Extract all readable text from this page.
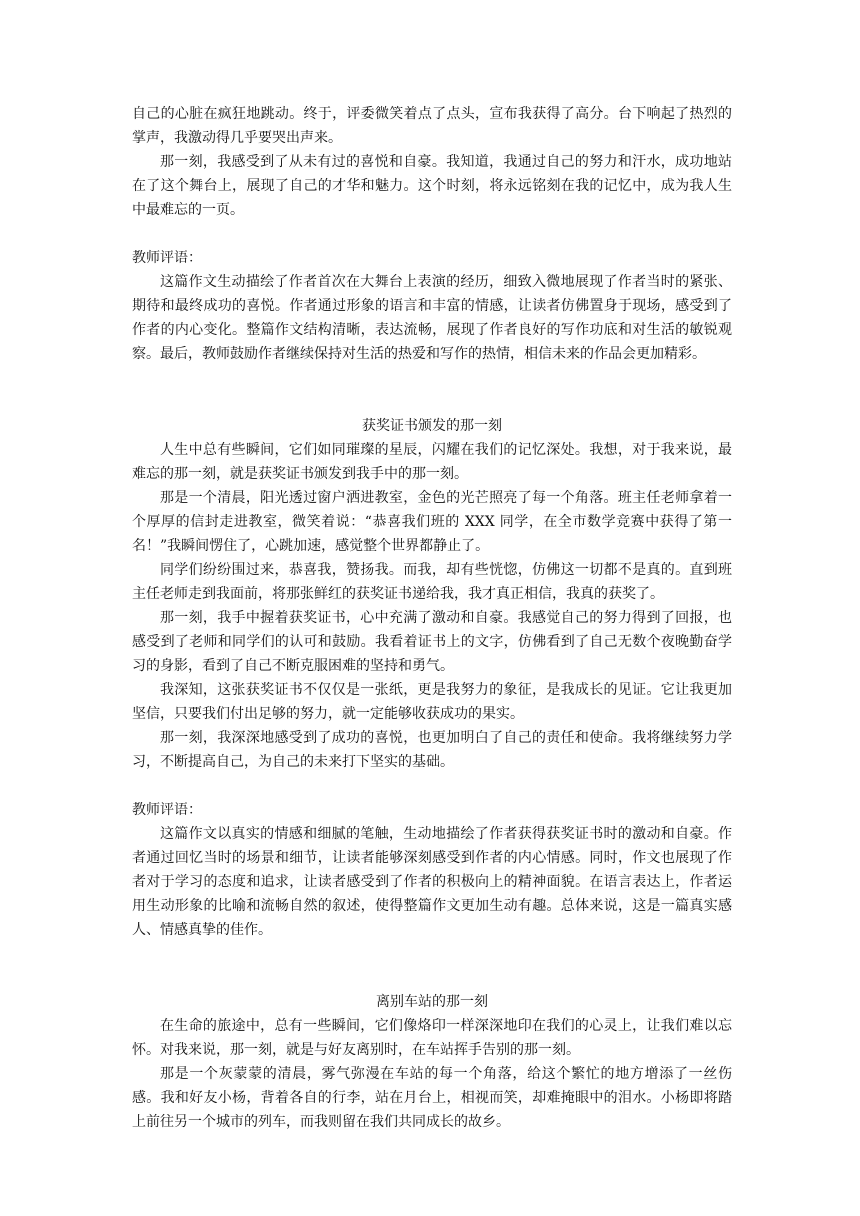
自己的心脏在疯狂地跳动。终于，评委微笑着点了点头，宣布我获得了高分。台下响起了热烈的掌声，我激动得几乎要哭出声来。

那一刻，我感受到了从未有过的喜悦和自豪。我知道，我通过自己的努力和汗水，成功地站在了这个舞台上，展现了自己的才华和魅力。这个时刻，将永远铭刻在我的记忆中，成为我人生中最难忘的一页。

教师评语：

这篇作文生动描绘了作者首次在大舞台上表演的经历，细致入微地展现了作者当时的紧张、期待和最终成功的喜悦。作者通过形象的语言和丰富的情感，让读者仿佛置身于现场，感受到了作者的内心变化。整篇作文结构清晰，表达流畅，展现了作者良好的写作功底和对生活的敏锐观察。最后，教师鼓励作者继续保持对生活的热爱和写作的热情，相信未来的作品会更加精彩。

获奖证书颁发的那一刻

人生中总有些瞬间，它们如同璀璨的星辰，闪耀在我们的记忆深处。我想，对于我来说，最难忘的那一刻，就是获奖证书颁发到我手中的那一刻。

那是一个清晨，阳光透过窗户洒进教室，金色的光芒照亮了每一个角落。班主任老师拿着一个厚厚的信封走进教室，微笑着说：“恭喜我们班的 XXX 同学，在全市数学竞赛中获得了第一名！”我瞬间愣住了，心跳加速，感觉整个世界都静止了。

同学们纷纷围过来，恭喜我，赞扬我。而我，却有些恍惚，仿佛这一切都不是真的。直到班主任老师走到我面前，将那张鲜红的获奖证书递给我，我才真正相信，我真的获奖了。

那一刻，我手中握着获奖证书，心中充满了激动和自豪。我感觉自己的努力得到了回报，也感受到了老师和同学们的认可和鼓励。我看着证书上的文字，仿佛看到了自己无数个夜晚勤奋学习的身影，看到了自己不断克服困难的坚持和勇气。

我深知，这张获奖证书不仅仅是一张纸，更是我努力的象征，是我成长的见证。它让我更加坚信，只要我们付出足够的努力，就一定能够收获成功的果实。

那一刻，我深深地感受到了成功的喜悦，也更加明白了自己的责任和使命。我将继续努力学习，不断提高自己，为自己的未来打下坚实的基础。

教师评语：

这篇作文以真实的情感和细腻的笔触，生动地描绘了作者获得获奖证书时的激动和自豪。作者通过回忆当时的场景和细节，让读者能够深刻感受到作者的内心情感。同时，作文也展现了作者对于学习的态度和追求，让读者感受到了作者的积极向上的精神面貌。在语言表达上，作者运用生动形象的比喻和流畅自然的叙述，使得整篇作文更加生动有趣。总体来说，这是一篇真实感人、情感真挚的佳作。

离别车站的那一刻

在生命的旅途中，总有一些瞬间，它们像烙印一样深深地印在我们的心灵上，让我们难以忘怀。对我来说，那一刻，就是与好友离别时，在车站挥手告别的那一刻。

那是一个灰蒙蒙的清晨，雾气弥漫在车站的每一个角落，给这个繁忙的地方增添了一丝伤感。我和好友小杨，背着各自的行李，站在月台上，相视而笑，却难掩眼中的泪水。小杨即将踏上前往另一个城市的列车，而我则留在我们共同成长的故乡。
